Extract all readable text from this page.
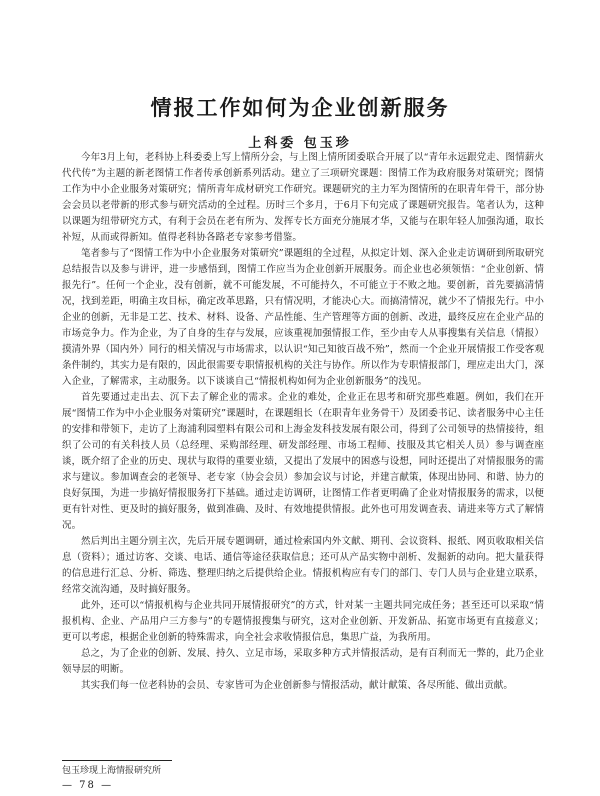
情报工作如何为企业创新服务
上科委 包玉珍

今年3月上旬，老科协上科委委上写上情所分会，与上图上情所团委联合开展了以“青年永远跟党走、图情薪火代代传”为主题的新老图情工作者传承创新系列活动。建立了三项研究课题：图情工作为政府服务对策研究；图情工作为中小企业服务对策研究；情所青年成材研究工作研究。课题研究的主力军为图情所的在职青年骨干，部分协会会员以老带新的形式参与研究活动的全过程。历时三个多月，于6月下旬完成了课题研究报告。笔者认为，这种以课题为纽带研究方式，有利于会员在老有所为、发挥专长方面充分施展才华，又能与在职年轻人加强沟通，取长补短，从而或得新知。值得老科协各路老专家参考借鉴。

笔者参与了“图情工作为中小企业服务对策研究”课题组的全过程，从拟定计划、深入企业走访调研到所取研究总结报告以及参与讲评，进一步感悟到，图情工作应当为企业创新开展服务。而企业也必须领悟：“企业创新、情报先行”。任何一个企业，没有创新，就不可能发展，不可能持久，不可能立于不败之地。要创新，首先要搞清情况，找到差距，明确主攻目标，确定改革思路，只有情况明，才能决心大。而搞清情况，就少不了情报先行。中小企业的创新，无非是工艺、技术、材料、设备、产品性能、生产管理等方面的创新、改进，最终反应在企业产品的市场竞争力。作为企业，为了自身的生存与发展，应该重视加强情报工作，至少由专人从事搜集有关信息（情报）摸清外界（国内外）同行的相关情况与市场需求，以认识“知己知彼百战不殆”，然而一个企业开展情报工作受客观条件制约，其实力是有限的，因此很需要专职情报机构的关注与协作。所以作为专职情报部门，理应走出大门，深入企业，了解需求，主动服务。以下谈谈自己“情报机构如何为企业创新服务”的浅见。

首先要通过走出去、沉下去了解企业的需求。企业的难处，企业正在思考和研究那些难题。例如，我们在开展“图情工作为中小企业服务对策研究”课题时，在课题组长（在职青年业务骨干）及团委书记、读者服务中心主任的安排和带领下，走访了上海浦利园塑料有限公司和上海金发科技发展有限公司，得到了公司领导的热情接待，组织了公司的有关科技人员（总经理、采购部经理、研发部经理、市场工程师、技服及其它相关人员）参与调查座谈，既介绍了企业的历史、现状与取得的重要业绩，又提出了发展中的困惑与设想，同时还提出了对情报服务的需求与建议。参加调查会的老领导、老专家（协会会员）参加会议与讨论，并建言献策，体现出协同、和谐、协力的良好氛围，为进一步搞好情报服务打下基础。通过走访调研，让图情工作者更明确了企业对情报服务的需求，以便更有针对性、更及时的搞好服务，做到准确、及时、有效地提供情报。此外也可用发调查表、请进来等方式了解情况。

然后判出主题分别主次，先后开展专题调研，通过检索国内外文献、期刊、会议资料、报纸、网页收取相关信息（资料）；通过访客、交谈、电话、通信等途径获取信息；还可从产品实物中剖析、发掘新的动向。把大量获得的信息进行汇总、分析、筛选、整理归纳之后提供给企业。情报机构应有专门的部门、专门人员与企业建立联系，经常交流沟通，及时搞好服务。

此外，还可以“情报机构与企业共同开展情报研究”的方式，针对某一主题共同完成任务；甚至还可以采取“情报机构、企业、产品用户三方参与”的专题情报搜集与研究，这对企业创新、开发新品、拓宽市场更有直接意义；更可以考虑，根据企业创新的特殊需求，向全社会求收情报信息，集思广益，为我所用。

总之，为了企业的创新、发展、持久、立足市场，采取多种方式并情报活动，是有百利而无一弊的，此乃企业领导层的明断。

其实我们每一位老科协的会员、专家皆可为企业创新参与情报活动，献计献策、各尽所能、做出贡献。

包玉珍现上海情报研究所
— 78 —
